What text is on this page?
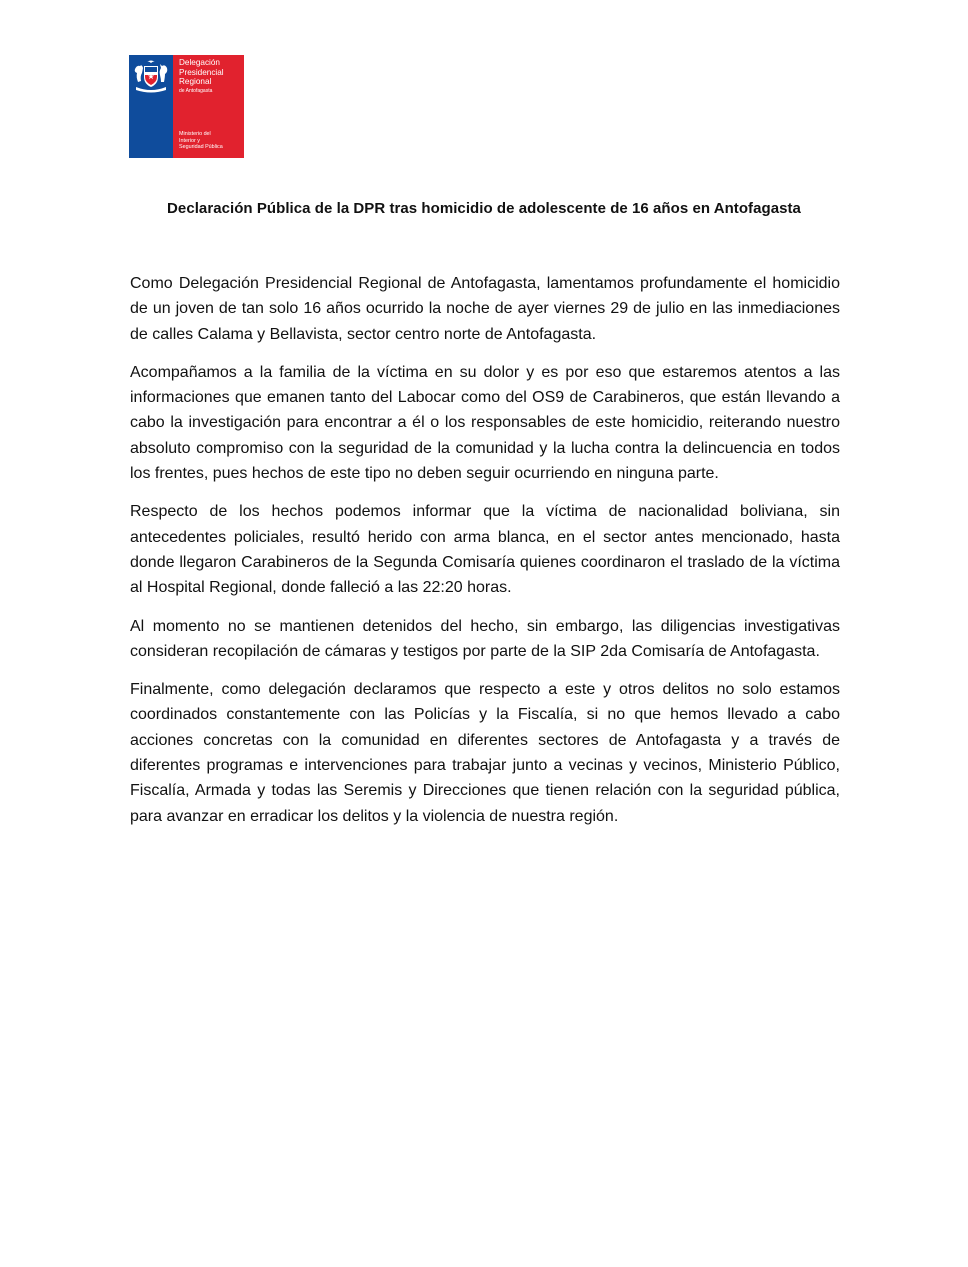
Delegación
Presidencial
Regional
de Antofagasta
Ministerio del
Interior y
Seguridad Pública
Declaración Pública de la DPR tras homicidio de adolescente de 16 años en Antofagasta

Como Delegación Presidencial Regional de Antofagasta, lamentamos profundamente el homicidio de un joven de tan solo 16 años ocurrido la noche de ayer viernes 29 de julio en las inmediaciones de calles Calama y Bellavista, sector centro norte de Antofagasta.

Acompañamos a la familia de la víctima en su dolor y es por eso que estaremos atentos a las informaciones que emanen tanto del Labocar como del OS9 de Carabineros, que están llevando a cabo la investigación para encontrar a él o los responsables de este homicidio, reiterando nuestro absoluto compromiso con la seguridad de la comunidad y la lucha contra la delincuencia en todos los frentes, pues hechos de este tipo no deben seguir ocurriendo en ninguna parte.

Respecto de los hechos podemos informar que la víctima de nacionalidad boliviana, sin antecedentes policiales, resultó herido con arma blanca, en el sector antes mencionado, hasta donde llegaron Carabineros de la Segunda Comisaría quienes coordinaron el traslado de la víctima al Hospital Regional, donde falleció a las 22:20 horas.

Al momento no se mantienen detenidos del hecho, sin embargo, las diligencias investigativas consideran recopilación de cámaras y testigos por parte de la SIP 2da Comisaría de Antofagasta.

Finalmente, como delegación declaramos que respecto a este y otros delitos no solo estamos coordinados constantemente con las Policías y la Fiscalía, si no que hemos llevado a cabo acciones concretas con la comunidad en diferentes sectores de Antofagasta y a través de diferentes programas e intervenciones para trabajar junto a vecinas y vecinos, Ministerio Público, Fiscalía, Armada y todas las Seremis y Direcciones que tienen relación con la seguridad pública, para avanzar en erradicar los delitos y la violencia de nuestra región.
